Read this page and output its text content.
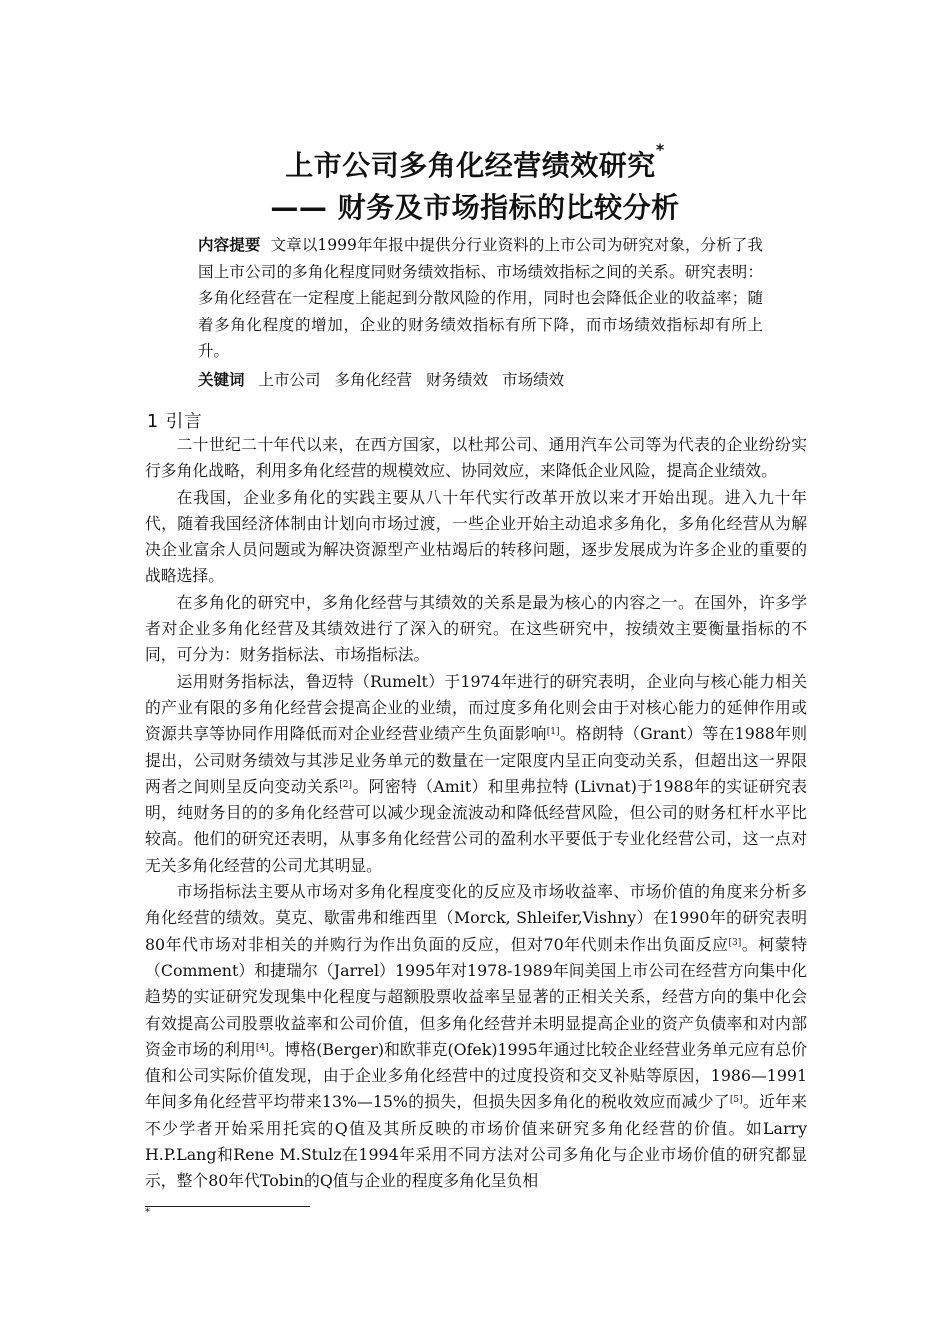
上市公司多角化经营绩效研究*
—— 财务及市场指标的比较分析

内容提要 文章以1999年年报中提供分行业资料的上市公司为研究对象，分析了我国上市公司的多角化程度同财务绩效指标、市场绩效指标之间的关系。研究表明：多角化经营在一定程度上能起到分散风险的作用，同时也会降低企业的收益率；随着多角化程度的增加，企业的财务绩效指标有所下降，而市场绩效指标却有所上升。

关键词 上市公司 多角化经营 财务绩效 市场绩效

1 引言

二十世纪二十年代以来，在西方国家，以杜邦公司、通用汽车公司等为代表的企业纷纷实行多角化战略，利用多角化经营的规模效应、协同效应，来降低企业风险，提高企业绩效。

在我国，企业多角化的实践主要从八十年代实行改革开放以来才开始出现。进入九十年代，随着我国经济体制由计划向市场过渡，一些企业开始主动追求多角化，多角化经营从为解决企业富余人员问题或为解决资源型产业枯竭后的转移问题，逐步发展成为许多企业的重要的战略选择。

在多角化的研究中，多角化经营与其绩效的关系是最为核心的内容之一。在国外，许多学者对企业多角化经营及其绩效进行了深入的研究。在这些研究中，按绩效主要衡量指标的不同，可分为：财务指标法、市场指标法。

运用财务指标法，鲁迈特（Rumelt）于1974年进行的研究表明，企业向与核心能力相关的产业有限的多角化经营会提高企业的业绩，而过度多角化则会由于对核心能力的延伸作用或资源共享等协同作用降低而对企业经营业绩产生负面影响[1]。格朗特（Grant）等在1988年则提出，公司财务绩效与其涉足业务单元的数量在一定限度内呈正向变动关系，但超出这一界限两者之间则呈反向变动关系[2]。阿密特（Amit）和里弗拉特 (Livnat)于1988年的实证研究表明，纯财务目的的多角化经营可以减少现金流波动和降低经营风险，但公司的财务杠杆水平比较高。他们的研究还表明，从事多角化经营公司的盈利水平要低于专业化经营公司，这一点对无关多角化经营的公司尤其明显。

市场指标法主要从市场对多角化程度变化的反应及市场收益率、市场价值的角度来分析多角化经营的绩效。莫克、歇雷弗和维西里（Morck, Shleifer,Vishny）在1990年的研究表明80年代市场对非相关的并购行为作出负面的反应，但对70年代则未作出负面反应[3]。柯蒙特（Comment）和捷瑞尔（Jarrel）1995年对1978-1989年间美国上市公司在经营方向集中化趋势的实证研究发现集中化程度与超额股票收益率呈显著的正相关关系，经营方向的集中化会有效提高公司股票收益率和公司价值，但多角化经营并未明显提高企业的资产负债率和对内部资金市场的利用[4]。博格(Berger)和欧菲克(Ofek)1995年通过比较企业经营业务单元应有总价值和公司实际价值发现，由于企业多角化经营中的过度投资和交叉补贴等原因，1986—1991年间多角化经营平均带来13%—15%的损失，但损失因多角化的税收效应而减少了[5]。近年来不少学者开始采用托宾的Q值及其所反映的市场价值来研究多角化经营的价值。如Larry H.P.Lang和Rene M.Stulz在1994年采用不同方法对公司多角化与企业市场价值的研究都显示，整个80年代Tobin的Q值与企业的程度多角化呈负相

*
